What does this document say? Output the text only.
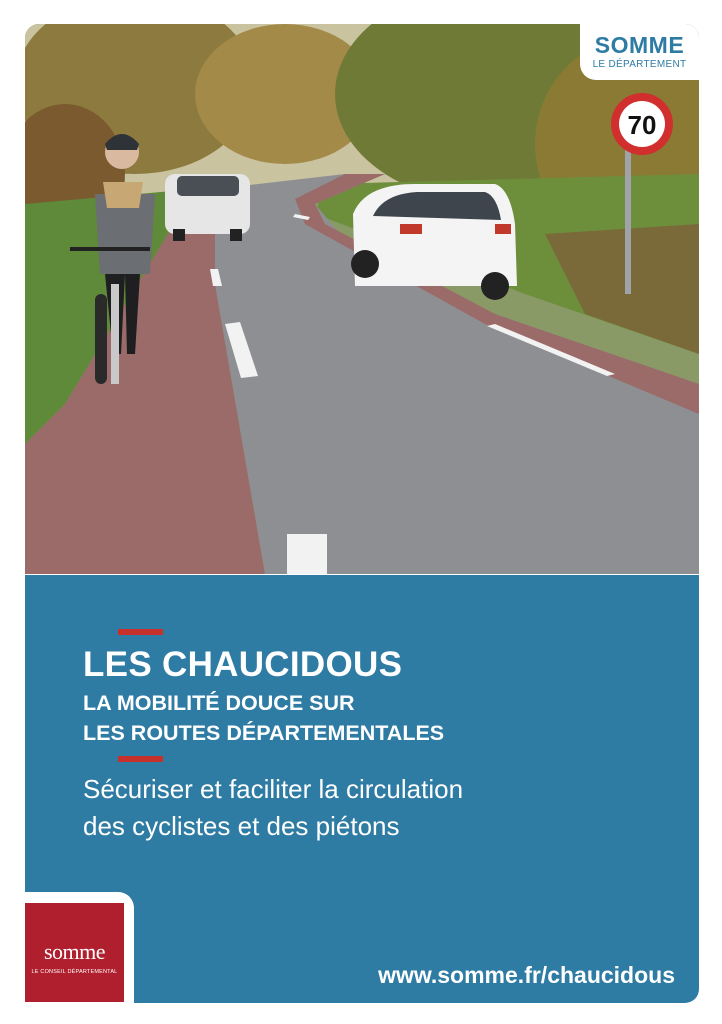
70
SOMME
LE DÉPARTEMENT
LES CHAUCIDOUS
LA MOBILITÉ DOUCE SUR
LES ROUTES DÉPARTEMENTALES
Sécuriser et faciliter la circulation
des cyclistes et des piétons
www.somme.fr/chaucidous
somme
LE CONSEIL DÉPARTEMENTAL
